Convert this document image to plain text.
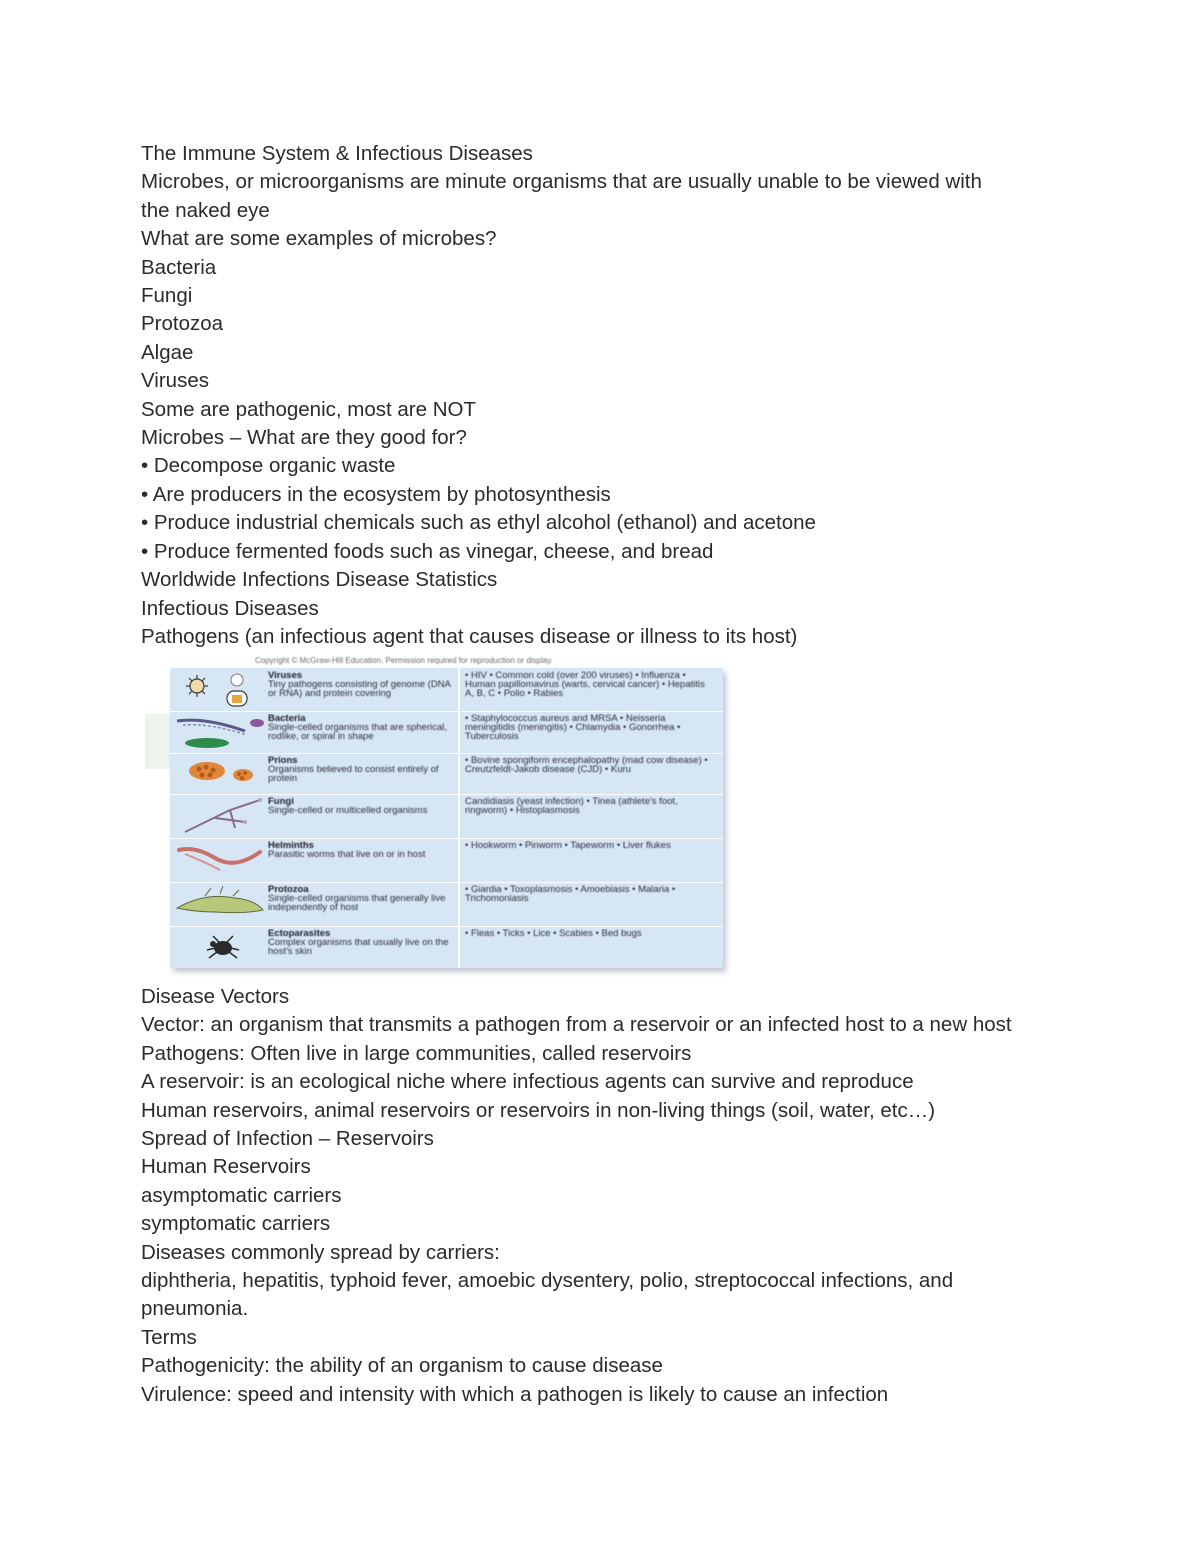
The Immune System & Infectious Diseases
Microbes, or microorganisms are minute organisms that are usually unable to be viewed with
the naked eye
What are some examples of microbes?
Bacteria
Fungi
Protozoa
Algae
Viruses
Some are pathogenic, most are NOT
Microbes – What are they good for?
• Decompose organic waste
• Are producers in the ecosystem by photosynthesis
• Produce industrial chemicals such as ethyl alcohol (ethanol) and acetone
• Produce fermented foods such as vinegar, cheese, and bread
Worldwide Infections Disease Statistics
Infectious Diseases
Pathogens (an infectious agent that causes disease or illness to its host)
Copyright © McGraw-Hill Education. Permission required for reproduction or display.
Viruses
Tiny pathogens consisting of genome (DNA or RNA) and protein covering
• HIV • Common cold (over 200 viruses) • Influenza • Human papillomavirus (warts, cervical cancer) • Hepatitis A, B, C • Polio • Rabies
Bacteria
Single-celled organisms that are spherical, rodlike, or spiral in shape
• Staphylococcus aureus and MRSA • Neisseria meningitidis (meningitis) • Chlamydia • Gonorrhea • Tuberculosis
Prions
Organisms believed to consist entirely of protein
• Bovine spongiform encephalopathy (mad cow disease) • Creutzfeldt-Jakob disease (CJD) • Kuru
Fungi
Single-celled or multicelled organisms
Candidiasis (yeast infection) • Tinea (athlete's foot, ringworm) • Histoplasmosis
Helminths
Parasitic worms that live on or in host
• Hookworm • Pinworm • Tapeworm • Liver flukes
Protozoa
Single-celled organisms that generally live independently of host
• Giardia • Toxoplasmosis • Amoebiasis • Malaria • Trichomoniasis
Ectoparasites
Complex organisms that usually live on the host's skin
• Fleas • Ticks • Lice • Scabies • Bed bugs
Disease Vectors
Vector: an organism that transmits a pathogen from a reservoir or an infected host to a new host
Pathogens: Often live in large communities, called reservoirs
A reservoir: is an ecological niche where infectious agents can survive and reproduce
Human reservoirs, animal reservoirs or reservoirs in non-living things (soil, water, etc…)
Spread of Infection – Reservoirs
Human Reservoirs
asymptomatic carriers
symptomatic carriers
Diseases commonly spread by carriers:
diphtheria, hepatitis, typhoid fever, amoebic dysentery, polio, streptococcal infections, and
pneumonia.
Terms
Pathogenicity: the ability of an organism to cause disease
Virulence: speed and intensity with which a pathogen is likely to cause an infection
